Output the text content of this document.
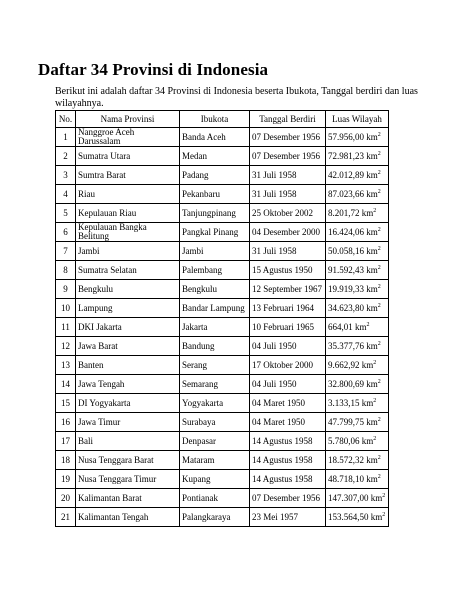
Daftar 34 Provinsi di Indonesia

Berikut ini adalah daftar 34 Provinsi di Indonesia beserta Ibukota, Tanggal berdiri dan luas wilayahnya.

No.	Nama Provinsi	Ibukota	Tanggal Berdiri	Luas Wilayah
1	Nanggroe Aceh Darussalam	Banda Aceh	07 Desember 1956	57.956,00 $km^2$
2	Sumatra Utara	Medan	07 Desember 1956	72.981,23 $km^2$
3	Sumtra Barat	Padang	31 Juli 1958	42.012,89 $km^2$
4	Riau	Pekanbaru	31 Juli 1958	87.023,66 $km^2$
5	Kepulauan Riau	Tanjungpinang	25 Oktober 2002	8.201,72 $km^2$
6	Kepulauan Bangka Belitung	Pangkal Pinang	04 Desember 2000	16.424,06 $km^2$
7	Jambi	Jambi	31 Juli 1958	50.058,16 $km^2$
8	Sumatra Selatan	Palembang	15 Agustus 1950	91.592,43 $km^2$
9	Bengkulu	Bengkulu	12 September 1967	19.919,33 $km^2$
10	Lampung	Bandar Lampung	13 Februari 1964	34.623,80 $km^2$
11	DKI Jakarta	Jakarta	10 Februari 1965	664,01 $km^2$
12	Jawa Barat	Bandung	04 Juli 1950	35.377,76 $km^2$
13	Banten	Serang	17 Oktober 2000	9.662,92 $km^2$
14	Jawa Tengah	Semarang	04 Juli 1950	32.800,69 $km^2$
15	DI Yogyakarta	Yogyakarta	04 Maret 1950	3.133,15 $km^2$
16	Jawa Timur	Surabaya	04 Maret 1950	47.799,75 $km^2$
17	Bali	Denpasar	14 Agustus 1958	5.780,06 $km^2$
18	Nusa Tenggara Barat	Mataram	14 Agustus 1958	18.572,32 $km^2$
19	Nusa Tenggara Timur	Kupang	14 Agustus 1958	48.718,10 $km^2$
20	Kalimantan Barat	Pontianak	07 Desember 1956	147.307,00 $km^2$
21	Kalimantan Tengah	Palangkaraya	23 Mei 1957	153.564,50 $km^2$
